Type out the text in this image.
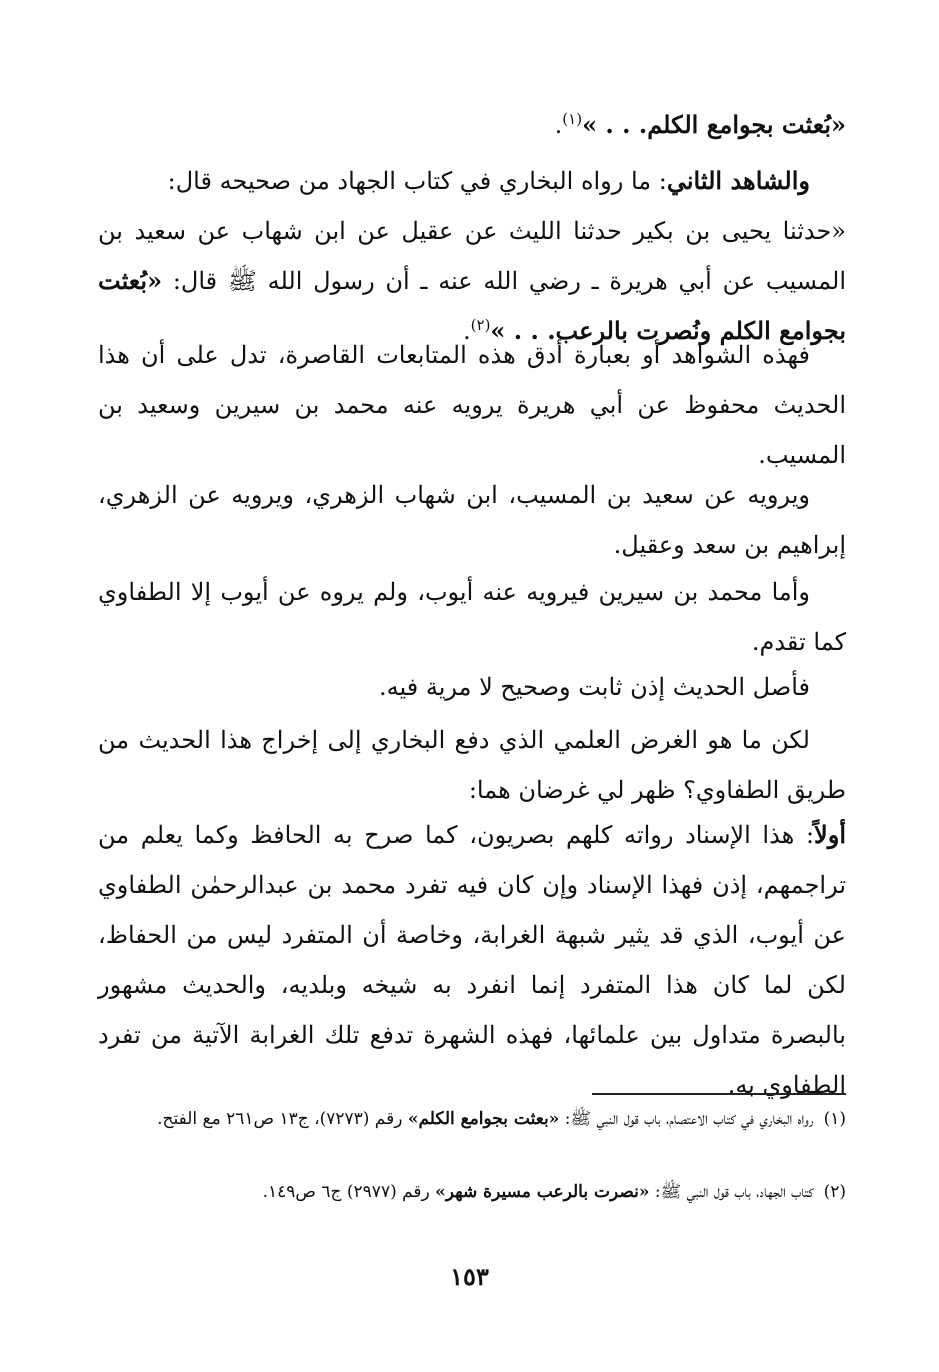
«بُعثت بجوامع الكلم. . . »$^{(١)}$.

والشاهد الثاني: ما رواه البخاري في كتاب الجهاد من صحيحه قال:

«حدثنا يحيى بن بكير حدثنا الليث عن عقيل عن ابن شهاب عن سعيد بن المسيب عن أبي هريرة ـ رضي الله عنه ـ أن رسول الله ﷺ قال: «بُعثت بجوامع الكلم ونُصرت بالرعب. . . »$^{(٢)}$.

فهذه الشواهد أو بعبارة أدق هذه المتابعات القاصرة، تدل على أن هذا الحديث محفوظ عن أبي هريرة يرويه عنه محمد بن سيرين وسعيد بن المسيب.

ويرويه عن سعيد بن المسيب، ابن شهاب الزهري، ويرويه عن الزهري، إبراهيم بن سعد وعقيل.

وأما محمد بن سيرين فيرويه عنه أيوب، ولم يروه عن أيوب إلا الطفاوي كما تقدم.

فأصل الحديث إذن ثابت وصحيح لا مرية فيه.

لكن ما هو الغرض العلمي الذي دفع البخاري إلى إخراج هذا الحديث من طريق الطفاوي؟ ظهر لي غرضان هما:

أولاً: هذا الإسناد رواته كلهم بصريون، كما صرح به الحافظ وكما يعلم من تراجمهم، إذن فهذا الإسناد وإن كان فيه تفرد محمد بن عبدالرحمٰن الطفاوي عن أيوب، الذي قد يثير شبهة الغرابة، وخاصة أن المتفرد ليس من الحفاظ، لكن لما كان هذا المتفرد إنما انفرد به شيخه وبلديه، والحديث مشهور بالبصرة متداول بين علمائها، فهذه الشهرة تدفع تلك الغرابة الآتية من تفرد الطفاوي به.

(١)رواه البخاري في كتاب الاعتصام، باب قول النبي ﷺ: «بعثت بجوامع الكلم» رقم (٧٢٧٣)، ج١٣ ص٢٦١ مع الفتح.
(٢)كتاب الجهاد، باب قول النبي ﷺ: «نصرت بالرعب مسيرة شهر» رقم (٢٩٧٧) ج٦ ص١٤٩.
١٥٣
